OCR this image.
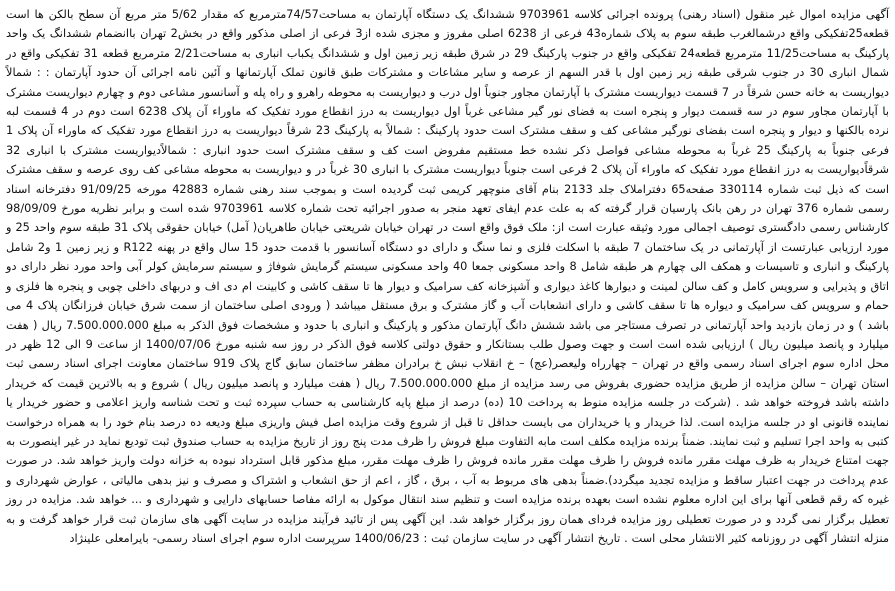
آگهی مزایده اموال غیر منقول (اسناد رهنی) پرونده اجرائی کلاسه 9703961 ششدانگ یک دستگاه آپارتمان به مساحت74/57مترمربع که مقدار 5/62 متر مربع آن سطح بالکن ها است قطعه25تفکیکی واقع درشمالغرب طبقه سوم به پلاک شماره43 فرعی از 6238 اصلی مفروز و مجزی شده از3 فرعی از اصلی مذکور واقع در بخش2 تهران باانضمام ششدانگ یک واحد پارکینگ به مساحت11/25 مترمربع قطعه24 تفکیکی واقع در جنوب پارکینگ 29 در شرق طبقه زیر زمین اول و ششدانگ یکباب انباری به مساحت2/21 مترمربع قطعه 31 تفکیکی واقع در شمال انباری 30 در جنوب شرقی طبقه زیر زمین اول با قدر السهم از عرصه و سایر مشاعات و مشترکات طبق قانون تملک آپارتمانها و آئین نامه اجرائی آن حدود آپارتمان : : شمالاً دیواریست به خانه حسن شرقاً در 7 قسمت دیواریست مشترک با آپارتمان مجاور جنوباً اول درب و دیواریست به محوطه راهرو و راه پله و آسانسور مشاعی دوم و چهارم دیواریست مشترک با آپارتمان مجاور سوم در سه قسمت دیوار و پنجره است به فضای نور گیر مشاعی غرباً اول دیواریست به درز انقطاع مورد تفکیک که ماوراء آن پلاک 6238 است دوم در 4 قسمت لبه نرده بالکنها و دیوار و پنجره است بفضای نورگیر مشاعی کف و سقف مشترک است حدود پارکینگ : شمالاً به پارکینگ 23 شرقاً دیواریست به درز انقطاع مورد تفکیک که ماوراء آن پلاک 1 فرعی جنوباً به پارکینگ 25 غرباً به محوطه مشاعی فواصل ذکر نشده خط مستقیم مفروض است کف و سقف مشترک است حدود انباری : شمالاًدیواریست مشترک با انباری 32 شرقاًدیواریست به درز انقطاع مورد تفکیک که ماوراء آن پلاک 2 فرعی است جنوباً دیواریست مشترک با انباری 30 غرباً در و دیواریست به محوطه مشاعی کف روی عرصه و سقف مشترک است که ذیل ثبت شماره 330114 صفحه65 دفتراملاک جلد 2133 بنام آقای منوچهر کریمی ثبت گردیده است و بموجب سند رهنی شماره 42883 مورخه 91/09/25 دفترخانه اسناد رسمی شماره 376 تهران در رهن بانک پارسیان قرار گرفته که به علت عدم ایفای تعهد منجر به صدور اجرائیه تحت شماره کلاسه 9703961 شده است و برابر نظریه مورخ 98/09/09 کارشناس رسمی دادگستری توصیف اجمالی مورد وثیقه عبارت است از: ملک فوق واقع است در تهران خیابان شریعتی خیابان طاهریان( آمل) خیابان حقوقی پلاک 31 طبقه سوم واحد 25 و مورد ارزیابی عبارتست از آپارتمانی در یک ساختمان 7 طبقه با اسکلت فلزی و نما سنگ و دارای دو دستگاه آسانسور با قدمت حدود 15 سال واقع در پهنه R122 و زیر زمین 1 و2 شامل پارکینگ و انباری و تاسیسات و همکف الی چهارم هر طبقه شامل 8 واحد مسکونی جمعا 40 واحد مسکونی سیستم گرمایش شوفاژ و سیستم سرمایش کولر آبی واحد مورد نظر دارای دو اتاق و پذیرایی و سرویس کامل و کف سالن لمینت و دیوارها کاغذ دیواری و آشپزخانه کف سرامیک و دیوار ها تا سقف کاشی و کابینت ام دی اف و دربهای داخلی چوبی و پنجره ها فلزی و حمام و سرویس کف سرامیک و دیواره ها تا سقف کاشی و دارای انشعابات آب و گاز مشترک و برق مستقل میباشد ( ورودی اصلی ساختمان از سمت شرق خیابان فرزانگان پلاک 4 می باشد ) و در زمان بازدید واحد آپارتمانی در تصرف مستاجر می باشد ششش دانگ آپارتمان مذکور و پارکینگ و انباری با حدود و مشخصات فوق الذکر به مبلغ 7.500.000.000 ریال ( هفت میلیارد و پانصد میلیون ریال ) ارزیابی شده است است و جهت وصول طلب بستانکار و حقوق دولتی کلاسه فوق الذکر در روز سه شنبه مورخ 1400/07/06 از ساعت 9 الی 12 ظهر در محل اداره سوم اجرای اسناد رسمی واقع در تهران – چهارراه ولیعصر(عج) – خ انقلاب نبش خ برادران مظفر ساختمان سابق گاج پلاک 919 ساختمان معاونت اجرای اسناد رسمی ثبت استان تهران – سالن مزایده از طریق مزایده حضوری بفروش می رسد مزایده از مبلغ 7.500.000.000 ریال ( هفت میلیارد و پانصد میلیون ریال ) شروع و به بالاترین قیمت که خریدار داشته باشد فروخته خواهد شد . (شرکت در جلسه مزایده منوط به پرداخت 10 (ده) درصد از مبلغ پایه کارشناسی به حساب سپرده ثبت و تحت شناسه واریز اعلامی و حضور خریدار یا نماینده قانونی او در جلسه مزایده است. لذا خریدار و یا خریداران می بایست حداقل تا قبل از شروع وقت مزایده اصل فیش واریزی مبلغ ودیعه ده درصد بنام خود را به همراه درخواست کتبی به واحد اجرا تسلیم و ثبت نمایند. ضمناً برنده مزایده مکلف است مابه التفاوت مبلغ فروش را ظرف مدت پنج روز از تاریخ مزایده به حساب صندوق ثبت تودیع نماید در غیر اینصورت به جهت امتناع خریدار به ظرف مهلت مقرر مانده فروش را ظرف مهلت مقرر مانده فروش را ظرف مهلت مقرر، مبلغ مذکور قابل استرداد نبوده به خزانه دولت واریز خواهد شد. در صورت عدم پرداخت در جهت اعتبار ساقط و مزایده تجدید میگردد).ضمناً بدهی های مربوط به آب ، برق ، گاز ، اعم از حق انشعاب و اشتراک و مصرف و نیز بدهی مالیاتی ، عوارض شهرداری و غیره که رقم قطعی آنها برای این اداره معلوم نشده است بعهده برنده مزایده است و تنظیم سند انتقال موکول به ارائه مفاصا حسابهای دارایی و شهرداری و ... خواهد شد. مزایده در روز تعطیل برگزار نمی گردد و در صورت تعطیلی روز مزایده فردای همان روز برگزار خواهد شد. این آگهی پس از تائید فرآیند مزایده در سایت آگهی های سازمان ثبت قرار خواهد گرفت و به منزله انتشار آگهی در روزنامه کثیر الانتشار محلی است . تاریخ انتشار آگهی در سایت سازمان ثبت : 1400/06/23 سرپرست اداره سوم اجرای اسناد رسمی- بایرامعلی علینژاد
